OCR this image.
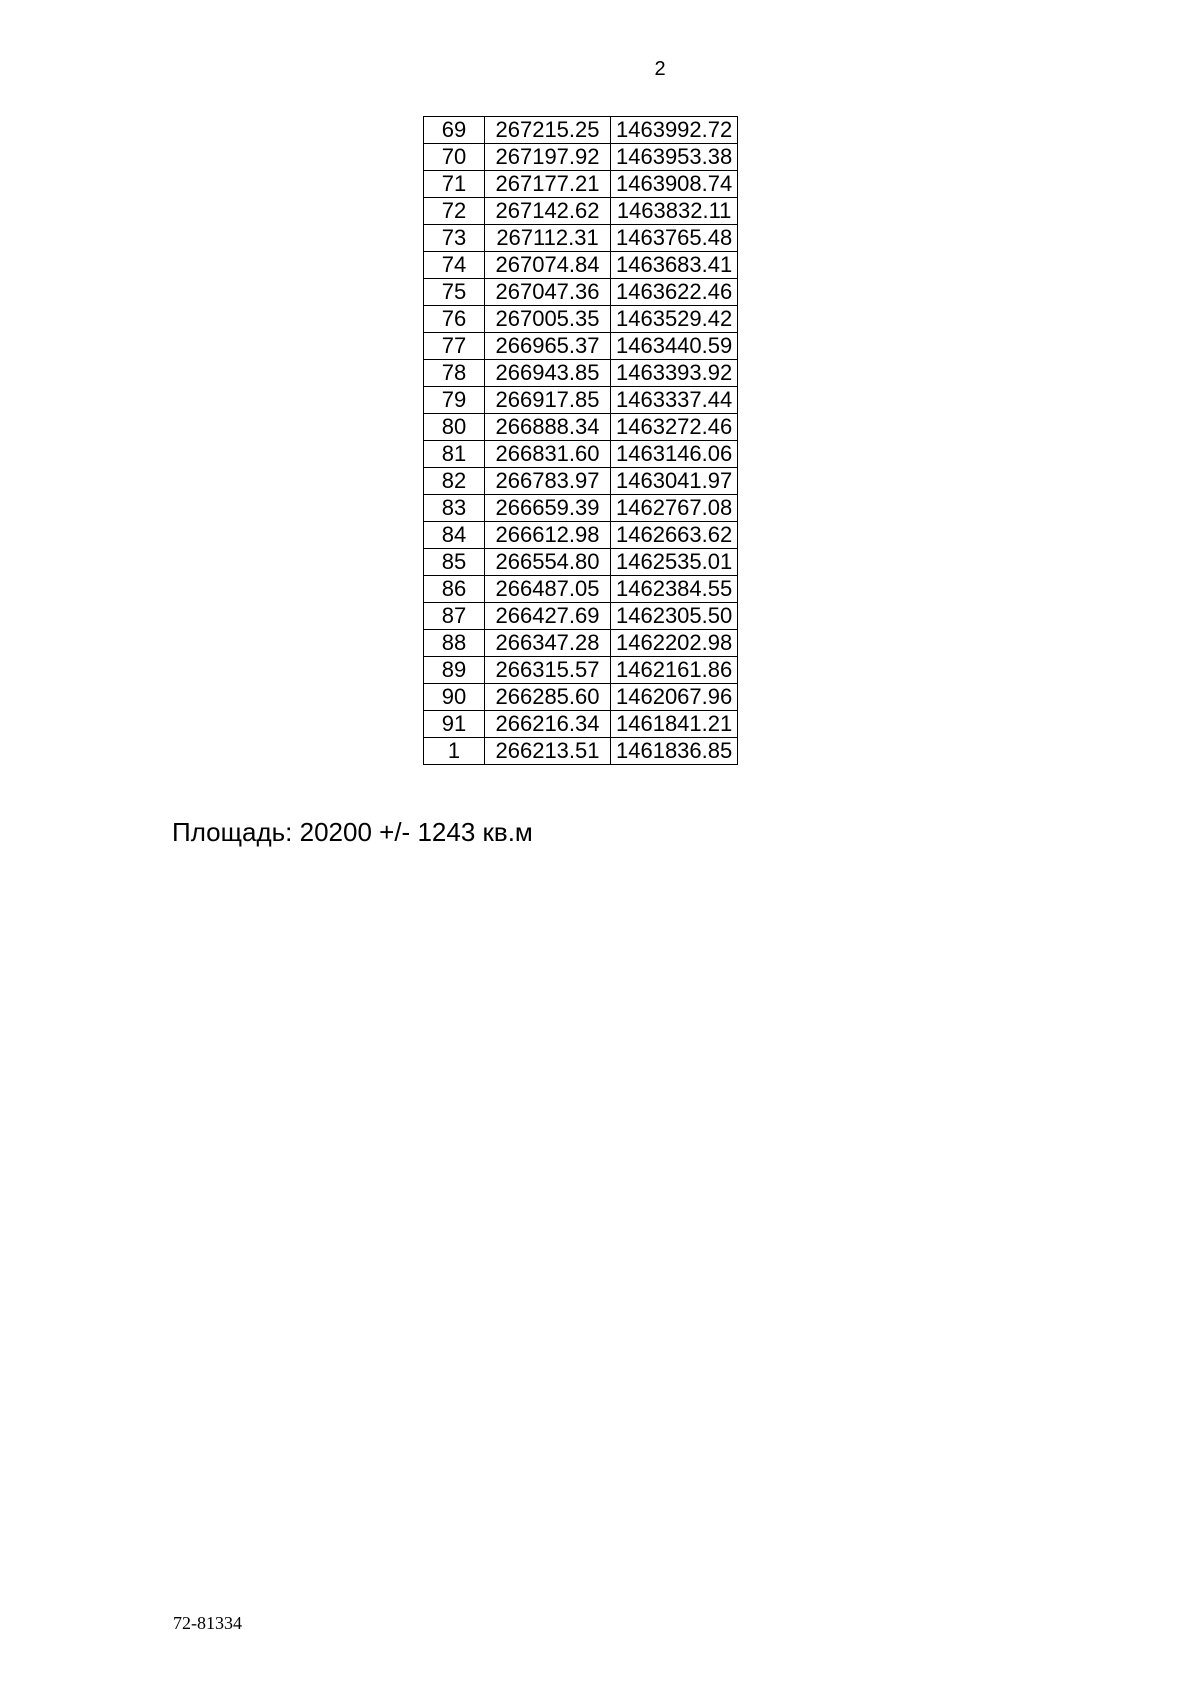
2
69	267215.25	1463992.72
70	267197.92	1463953.38
71	267177.21	1463908.74
72	267142.62	1463832.11
73	267112.31	1463765.48
74	267074.84	1463683.41
75	267047.36	1463622.46
76	267005.35	1463529.42
77	266965.37	1463440.59
78	266943.85	1463393.92
79	266917.85	1463337.44
80	266888.34	1463272.46
81	266831.60	1463146.06
82	266783.97	1463041.97
83	266659.39	1462767.08
84	266612.98	1462663.62
85	266554.80	1462535.01
86	266487.05	1462384.55
87	266427.69	1462305.50
88	266347.28	1462202.98
89	266315.57	1462161.86
90	266285.60	1462067.96
91	266216.34	1461841.21
1	266213.51	1461836.85
Площадь: 20200 +/- 1243 кв.м
72-81334
